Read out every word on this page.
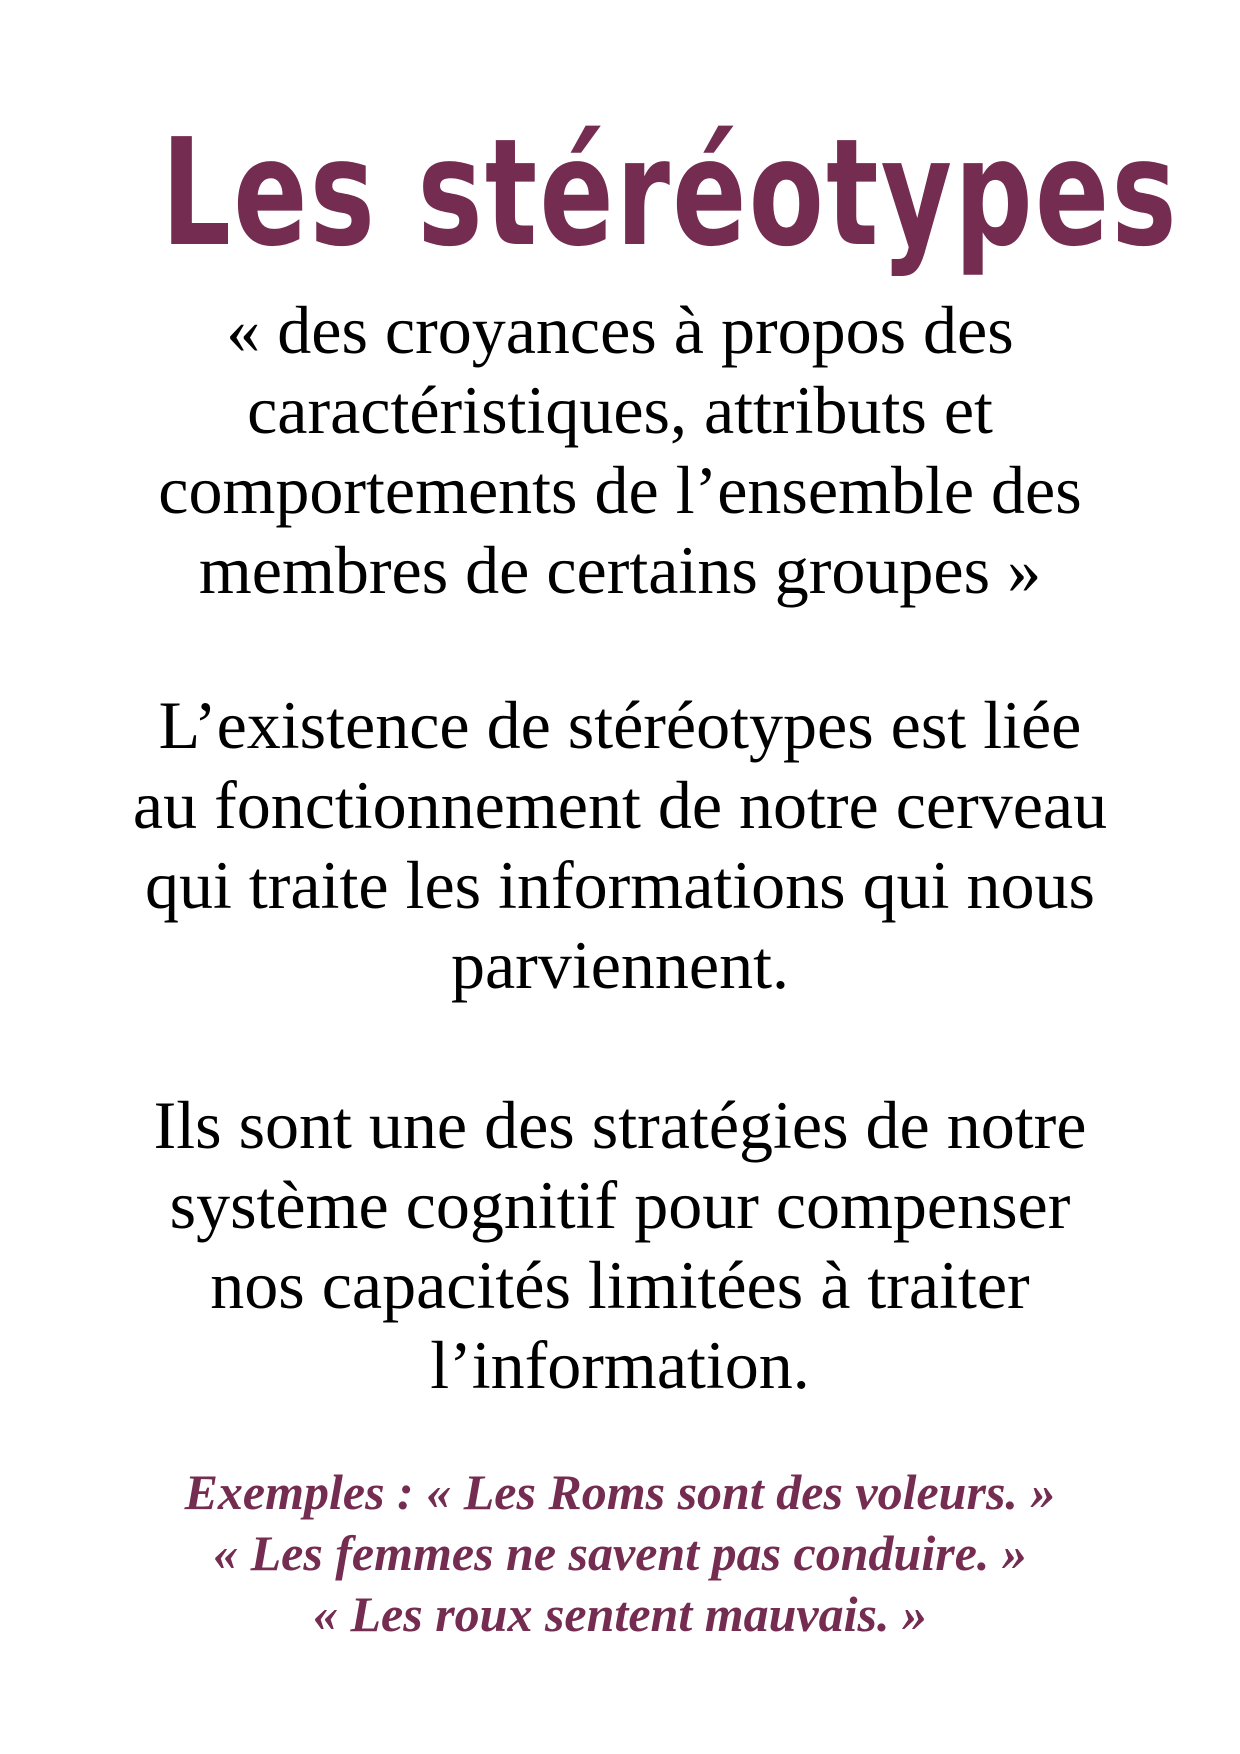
Les stéréotypes

« des croyances à propos des
caractéristiques, attributs et
comportements de l’ensemble des
membres de certains groupes »

L’existence de stéréotypes est liée
au fonctionnement de notre cerveau
qui traite les informations qui nous
parviennent.

Ils sont une des stratégies de notre
système cognitif pour compenser
nos capacités limitées à traiter
l’information.

Exemples : « Les Roms sont des voleurs. »
« Les femmes ne savent pas conduire. »
« Les roux sentent mauvais. »
